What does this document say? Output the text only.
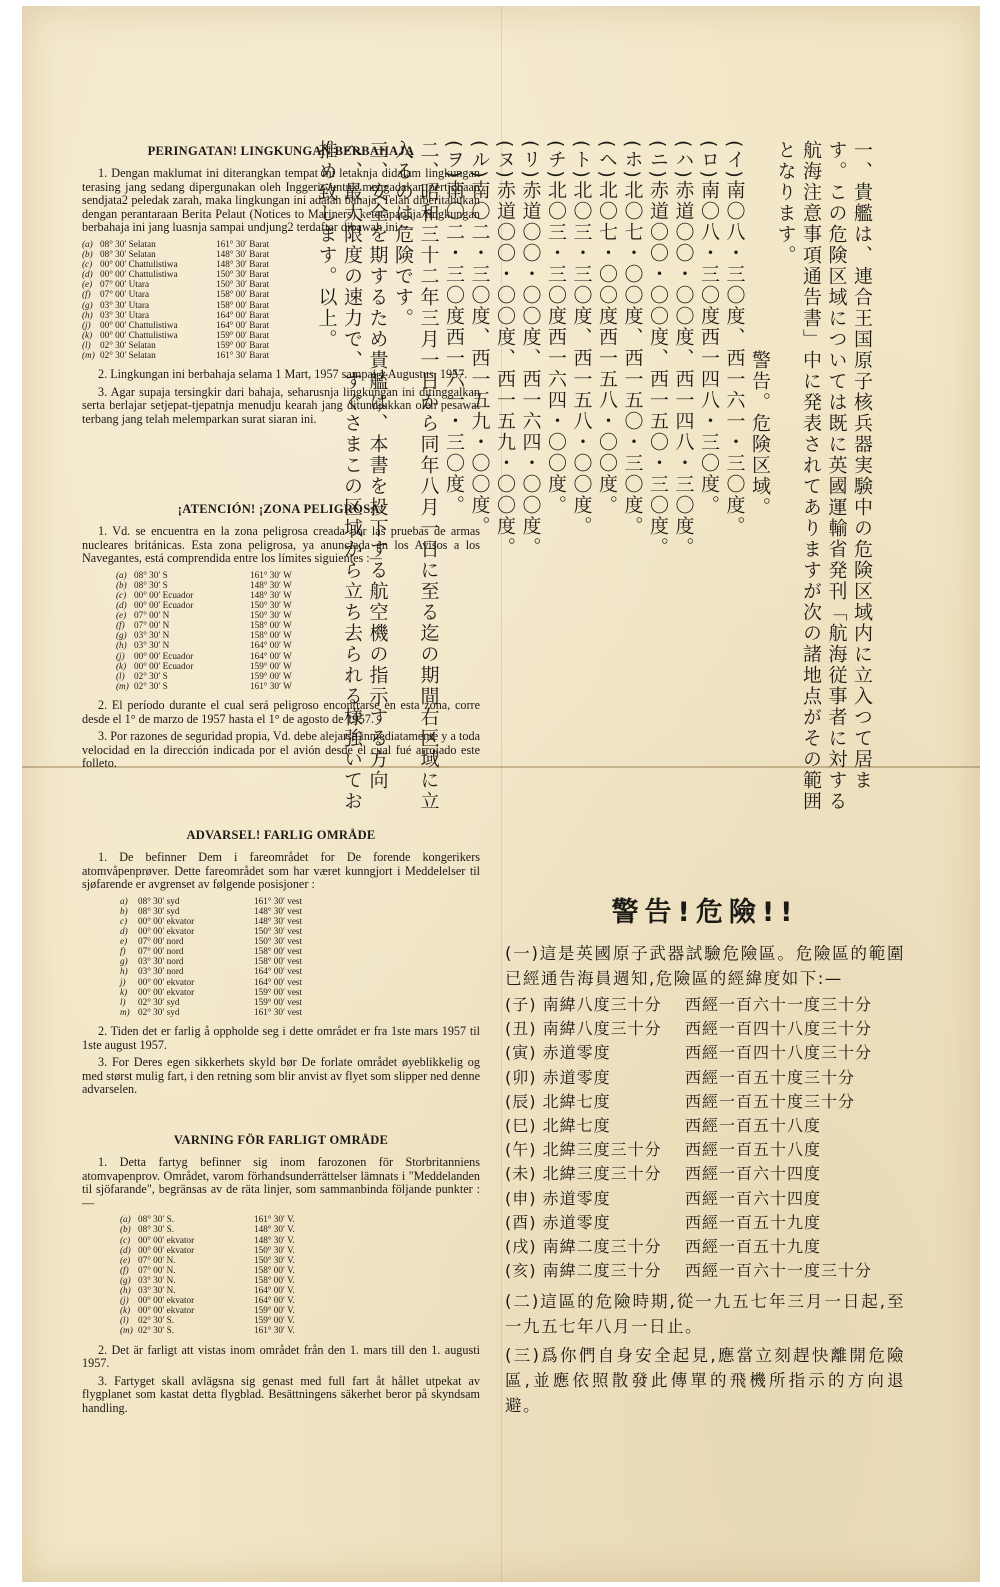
PERINGATAN! LINGKUNGAN BERBAHAJA

1. Dengan maklumat ini diterangkan tempat ini letaknja didalam lingkungan terasing jang sedang dipergunakan oleh Inggeris untuk mengadakan pertjobaan sendjata2 peledak zarah, maka lingkungan ini adalah bahaja. Telah diberitahukan dengan perantaraan Berita Pelaut (Notices to Mariners) ketetapannja lingkungan berbahaja ini jang luasnja sampai undjung2 terdaftar dibawah ini —

(a) 08° 30′ Selatan	161° 30′ Barat
(b) 08° 30′ Selatan	148° 30′ Barat
(c) 00° 00′ Chattulistiwa	148° 30′ Barat
(d) 00° 00′ Chattulistiwa	150° 30′ Barat
(e) 07° 00′ Utara	150° 30′ Barat
(f)	07° 00′ Utara	158° 00′ Barat
(g) 03° 30′ Utara	158° 00′ Barat
(h) 03° 30′ Utara	164° 00′ Barat
(j)	00° 00′ Chattulistiwa	164° 00′ Barat
(k) 00° 00′ Chattulistiwa	159° 00′ Barat
(l)	02° 30′ Selatan	159° 00′ Barat
(m) 02° 30′ Selatan	161° 30′ Barat

2. Lingkungan ini berbahaja selama 1 Mart, 1957 sampai 1 Augustus, 1957.

3. Agar supaja tersingkir dari bahaja, seharusnja lingkungan ini ditinggalkan serta berlajar setjepat-tjepatnja menudju kearah jang ditundjukkan oleh pesawat terbang jang telah melemparkan surat siaran ini.

¡ATENCIÓN! ¡ZONA PELIGROSA!

1. Vd. se encuentra en la zona peligrosa creada por las pruebas de armas nucleares británicas. Esta zona peligrosa, ya anunciada en los Avisos a los Navegantes, está comprendida entre los límites siguientes :—

(a) 08° 30′ S	161° 30′ W
(b) 08° 30′ S	148° 30′ W
(c) 00° 00′ Ecuador	148° 30′ W
(d) 00° 00′ Ecuador	150° 30′ W
(e) 07° 00′ N	150° 30′ W
(f)	07° 00′ N	158° 00′ W
(g) 03° 30′ N	158° 00′ W
(h) 03° 30′ N	164° 00′ W
(j)	00° 00′ Ecuador	164° 00′ W
(k) 00° 00′ Ecuador	159° 00′ W
(l)	02° 30′ S	159° 00′ W
(m) 02° 30′ S	161° 30′ W

2. El período durante el cual será peligroso encontrarse en esta zona, corre desde el 1° de marzo de 1957 hasta el 1° de agosto de 1957.

3. Por razones de seguridad propia, Vd. debe alejarse inmediatamente y a toda velocidad en la dirección indicada por el avión desde el cual fué arrojado este folleto.

ADVARSEL! FARLIG OMRÅDE

1. De befinner Dem i fareområdet for De forende kongerikers atomvåpenprøver. Dette fareområdet som har været kunngjort i Meddelelser til sjøfarende er avgrenset av følgende posisjoner :

a)	08° 30′ syd	161° 30′ vest
b)	08° 30′ syd	148° 30′ vest
c)	00° 00′ ekvator	148° 30′ vest
d)	00° 00′ ekvator	150° 30′ vest
e)	07° 00′ nord	150° 30′ vest
f)	07° 00′ nord	158° 00′ vest
g)	03° 30′ nord	158° 00′ vest
h)	03° 30′ nord	164° 00′ vest
j)	00° 00′ ekvator	164° 00′ vest
k)	00° 00′ ekvator	159° 00′ vest
l)	02° 30′ syd	159° 00′ vest
m) 02° 30′ syd	161° 30′ vest

2. Tiden det er farlig å oppholde seg i dette området er fra 1ste mars 1957 til 1ste august 1957.

3. For Deres egen sikkerhets skyld bør De forlate området øyeblikkelig og med størst mulig fart, i den retning som blir anvist av flyet som slipper ned denne advarselen.

VARNING FÖR FARLIGT OMRÅDE

1. Detta fartyg befinner sig inom farozonen för Storbritanniens atomvapenprov. Området, varom förhandsunderrättelser lämnats i "Meddelanden til sjöfarande", begränsas av de räta linjer, som sammanbinda följande punkter :—

(a) 08° 30′ S.	161° 30′ V.
(b) 08° 30′ S.	148° 30′ V.
(c) 00° 00′ ekvator	148° 30′ V.
(d) 00° 00′ ekvator	150° 30′ V.
(e) 07° 00′ N.	150° 30′ V.
(f)	07° 00′ N.	158° 00′ V.
(g) 03° 30′ N.	158° 00′ V.
(h) 03° 30′ N.	164° 00′ V.
(j)	00° 00′ ekvator	164° 00′ V.
(k) 00° 00′ ekvator	159° 00′ V.
(l)	02° 30′ S.	159° 00′ V.
(m) 02° 30′ S.	161° 30′ V.

2. Det är farligt att vistas inom området från den 1. mars till den 1. augusti 1957.

3. Fartyget skall avlägsna sig genast med full fart åt hållet utpekat av flygplanet som kastat detta flygblad. Besättningens säkerhet beror på skyndsam handling.

一、貴艦は、連合王国原子核兵器実験中の危険区域内に立入つて居ます。この危険区域については既に英國運輸省発刊「航海従事者に対する航海注意事項通告書」中に発表されてありますが次の諸地点がその範囲となります。

警告。危険区域。

(イ)南〇八・三〇度、西一六一・三〇度。

(ロ)南〇八・三〇度西一四八・三〇度。

(ハ)赤道〇〇・〇〇度、西一四八・三〇度。

(ニ)赤道〇〇・〇〇度、西一五〇・三〇度。

(ホ)北〇七・〇〇度、西一五〇・三〇度。

(ヘ)北〇七・〇〇度西一五八・〇〇度。

(ト)北〇三・三〇度、西一五八・〇〇度。

(チ)北〇三・三〇度西一六四・〇〇度。

(リ)赤道〇〇・〇〇度、西一六四・〇〇度。

(ヌ)赤道〇〇・〇〇度、西一五九・〇〇度。

(ル)南〇二・三〇度、西一五九・〇〇度。

(ヲ)南〇二・三〇度西一六一・三〇度。

二、昭和三十二年三月一日から同年八月一日に至る迄の期間右区域に立入るのは危険です。

三、安全を期するため貴艦は、本書を投下する航空機の指示する方向へ、最大限度の速力で、すぐさまこの区域から立ち去られる様強いてお推め致します。以上。

警告!危險!!

(一)這是英國原子武器試驗危險區。危險區的範圍已經通告海員週知,危險區的經緯度如下:—

(子) 南緯八度三十分	西經一百六十一度三十分
(丑) 南緯八度三十分	西經一百四十八度三十分
(寅) 赤道零度	西經一百四十八度三十分
(卯) 赤道零度	西經一百五十度三十分
(辰) 北緯七度	西經一百五十度三十分
(巳) 北緯七度	西經一百五十八度
(午) 北緯三度三十分	西經一百五十八度
(未) 北緯三度三十分	西經一百六十四度
(申) 赤道零度	西經一百六十四度
(酉) 赤道零度	西經一百五十九度
(戌) 南緯二度三十分	西經一百五十九度
(亥) 南緯二度三十分	西經一百六十一度三十分

(二)這區的危險時期,從一九五七年三月一日起,至一九五七年八月一日止。

(三)爲你們自身安全起見,應當立刻趕快離開危險區,並應依照散發此傳單的飛機所指示的方向退避。
